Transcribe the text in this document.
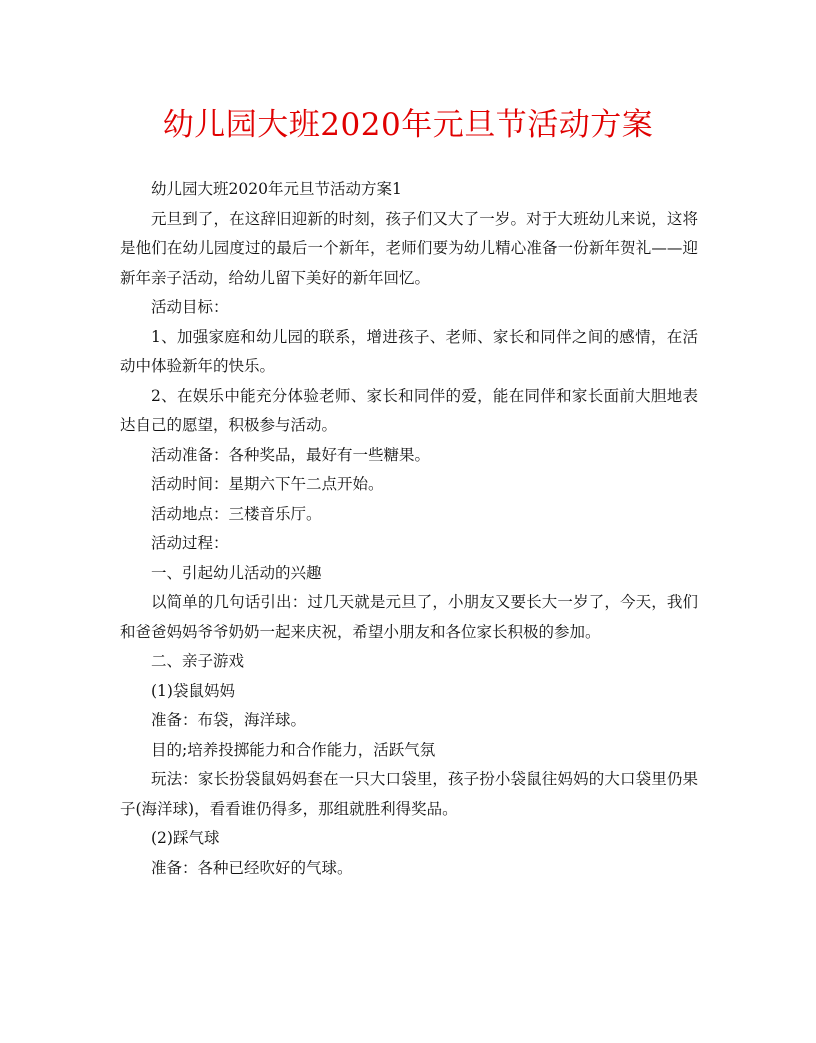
幼儿园大班2020年元旦节活动方案

幼儿园大班2020年元旦节活动方案1

元旦到了，在这辞旧迎新的时刻，孩子们又大了一岁。对于大班幼儿来说，这将是他们在幼儿园度过的最后一个新年，老师们要为幼儿精心准备一份新年贺礼——迎新年亲子活动，给幼儿留下美好的新年回忆。

活动目标：

1、加强家庭和幼儿园的联系，增进孩子、老师、家长和同伴之间的感情，在活动中体验新年的快乐。

2、在娱乐中能充分体验老师、家长和同伴的爱，能在同伴和家长面前大胆地表达自己的愿望，积极参与活动。

活动准备：各种奖品，最好有一些糖果。

活动时间：星期六下午二点开始。

活动地点：三楼音乐厅。

活动过程：

一、引起幼儿活动的兴趣

以简单的几句话引出：过几天就是元旦了，小朋友又要长大一岁了，今天，我们和爸爸妈妈爷爷奶奶一起来庆祝，希望小朋友和各位家长积极的参加。

二、亲子游戏

(1)袋鼠妈妈

准备：布袋，海洋球。

目的;培养投掷能力和合作能力，活跃气氛

玩法：家长扮袋鼠妈妈套在一只大口袋里，孩子扮小袋鼠往妈妈的大口袋里仍果子(海洋球)，看看谁仍得多，那组就胜利得奖品。

(2)踩气球

准备：各种已经吹好的气球。
